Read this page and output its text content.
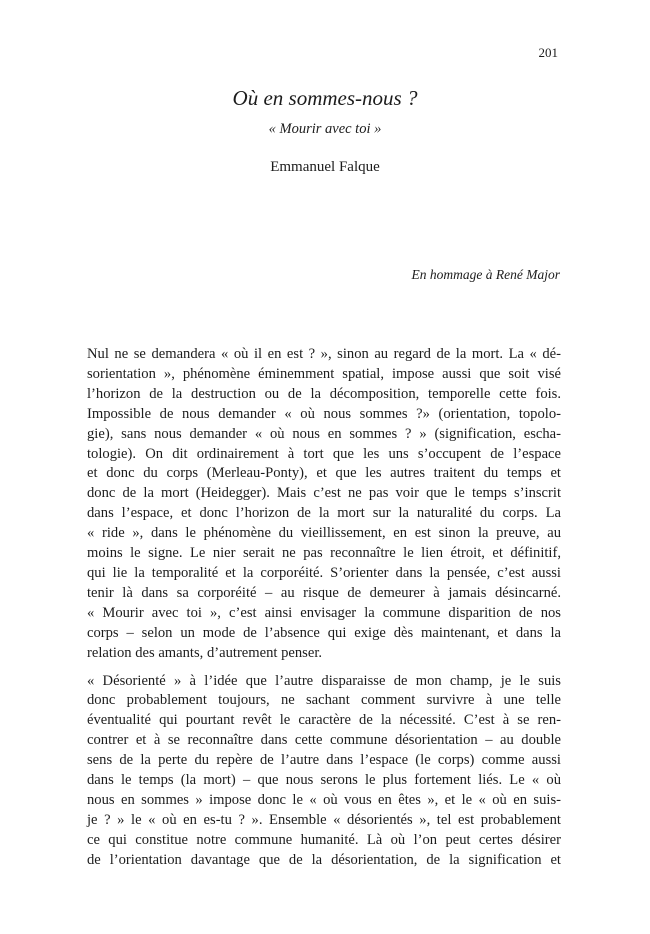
201
Où en sommes-nous ?
« Mourir avec toi »
Emmanuel Falque
En hommage à René Major
Nul ne se demandera « où il en est ? », sinon au regard de la mort. La « dé-
sorientation », phénomène éminemment spatial, impose aussi que soit visé
l’horizon de la destruction ou de la décomposition, temporelle cette fois.
Impossible de nous demander « où nous sommes ?» (orientation, topolo-
gie), sans nous demander « où nous en sommes ? » (signification, escha-
tologie). On dit ordinairement à tort que les uns s’occupent de l’espace
et donc du corps (Merleau-Ponty), et que les autres traitent du temps et
donc de la mort (Heidegger). Mais c’est ne pas voir que le temps s’inscrit
dans l’espace, et donc l’horizon de la mort sur la naturalité du corps. La
« ride », dans le phénomène du vieillissement, en est sinon la preuve, au
moins le signe. Le nier serait ne pas reconnaître le lien étroit, et définitif,
qui lie la temporalité et la corporéité. S’orienter dans la pensée, c’est aussi
tenir là dans sa corporéité – au risque de demeurer à jamais désincarné.
« Mourir avec toi », c’est ainsi envisager la commune disparition de nos
corps – selon un mode de l’absence qui exige dès maintenant, et dans la
relation des amants, d’autrement penser.
« Désorienté » à l’idée que l’autre disparaisse de mon champ, je le suis
donc probablement toujours, ne sachant comment survivre à une telle
éventualité qui pourtant revêt le caractère de la nécessité. C’est à se ren-
contrer et à se reconnaître dans cette commune désorientation – au double
sens de la perte du repère de l’autre dans l’espace (le corps) comme aussi
dans le temps (la mort) – que nous serons le plus fortement liés. Le « où
nous en sommes » impose donc le « où vous en êtes », et le « où en suis-
je ? » le « où en es-tu ? ». Ensemble « désorientés », tel est probablement
ce qui constitue notre commune humanité. Là où l’on peut certes désirer
de l’orientation davantage que de la désorientation, de la signification et
